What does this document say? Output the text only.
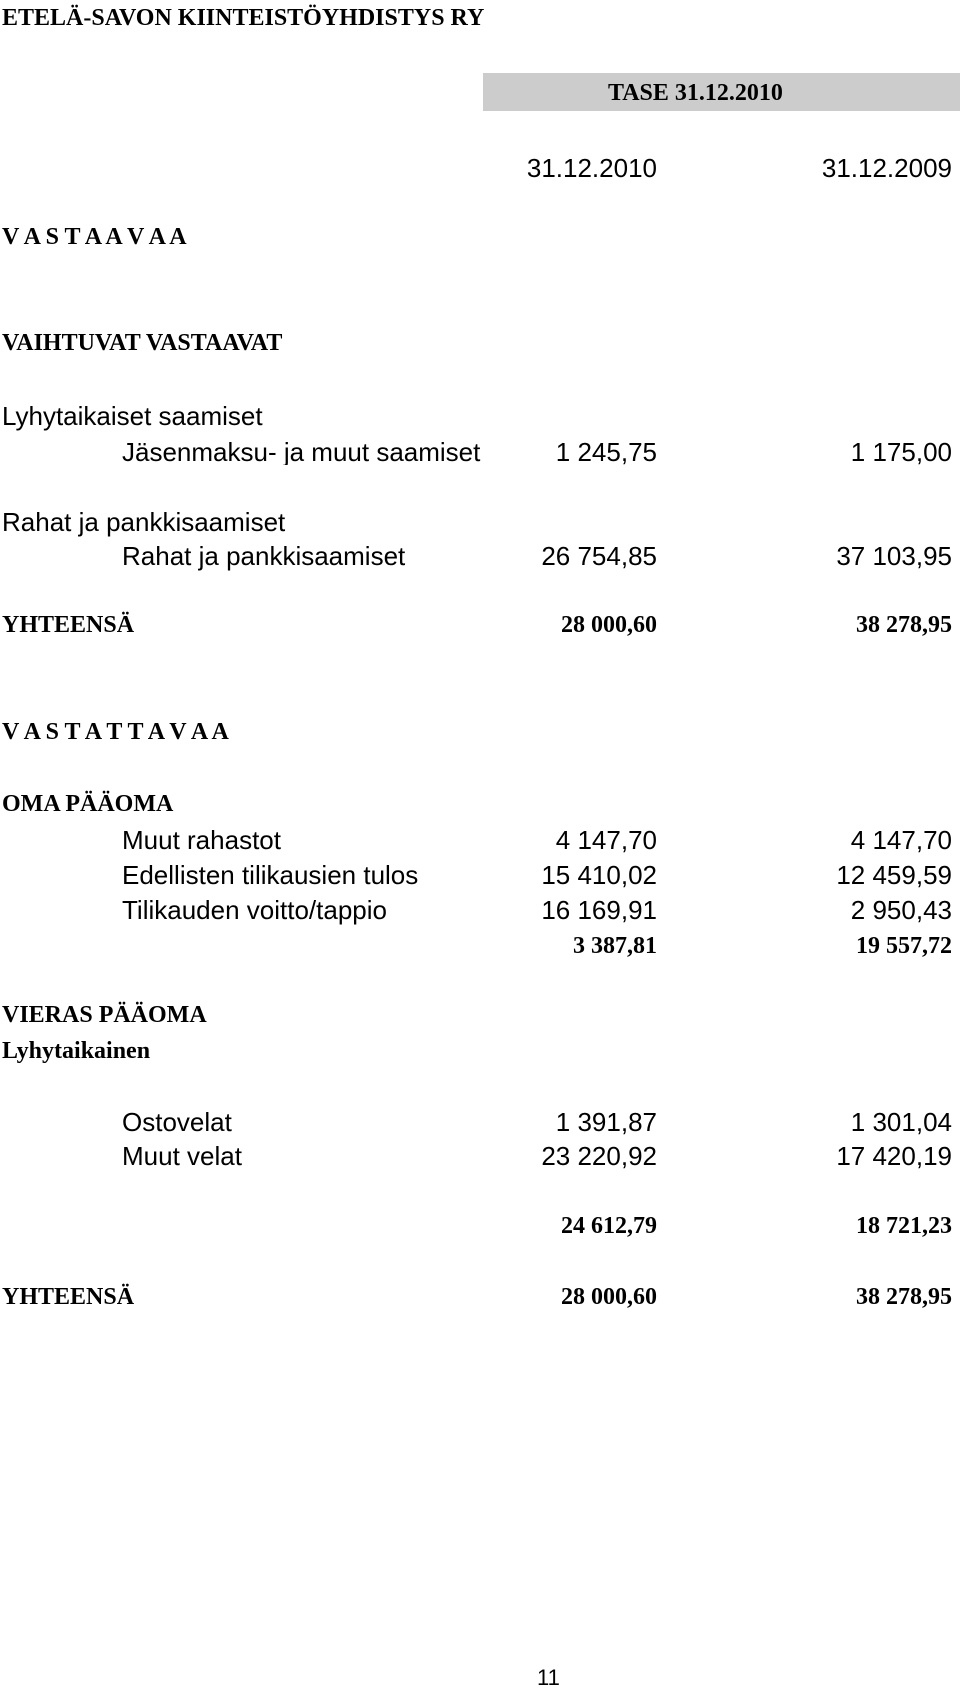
ETELÄ-SAVON KIINTEISTÖYHDISTYS RY
TASE 31.12.2010
31.12.2010	31.12.2009
V A S T A A V A A
VAIHTUVAT VASTAAVAT
Lyhytaikaiset saamiset
Jäsenmaksu- ja muut saamiset	1 245,75	1 175,00
Rahat ja pankkisaamiset
Rahat ja pankkisaamiset	26 754,85	37 103,95
YHTEENSÄ	28 000,60	38 278,95
V A S T A T T A V A A
OMA PÄÄOMA
Muut rahastot	4 147,70	4 147,70
Edellisten tilikausien tulos	15 410,02	12 459,59
Tilikauden voitto/tappio	16 169,91	2 950,43
3 387,81	19 557,72
VIERAS PÄÄOMA
Lyhytaikainen
Ostovelat	1 391,87	1 301,04
Muut velat	23 220,92	17 420,19
24 612,79	18 721,23
YHTEENSÄ	28 000,60	38 278,95
11
